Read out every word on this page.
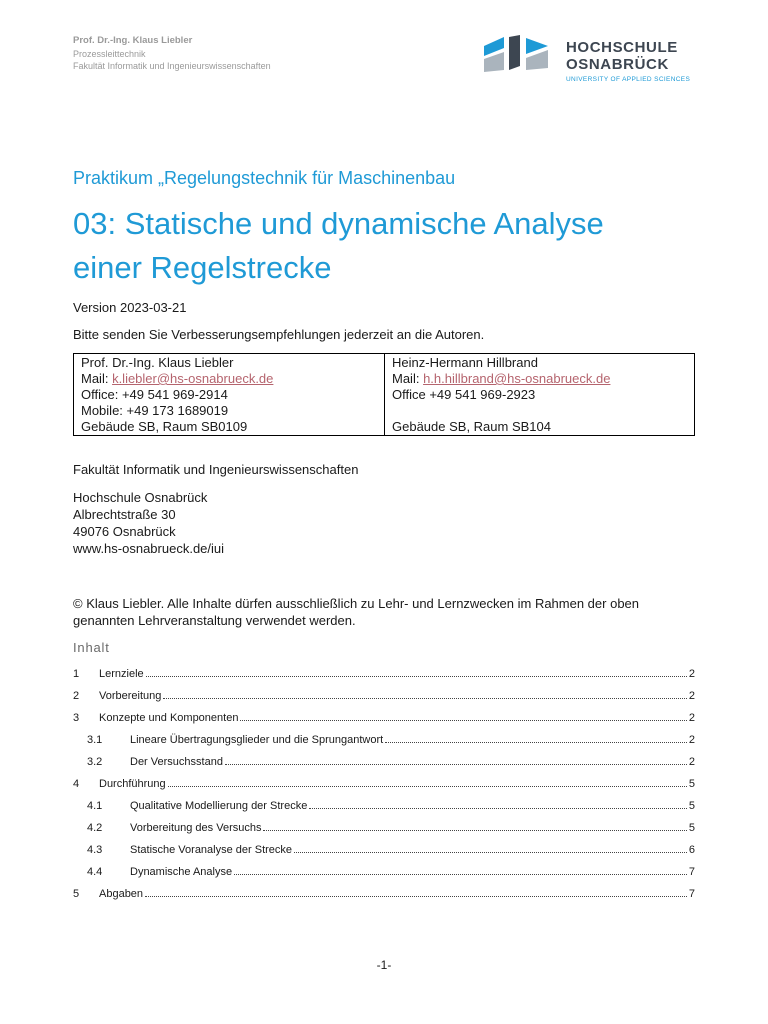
Prof. Dr.-Ing. Klaus Liebler
Prozessleittechnik
Fakultät Informatik und Ingenieurswissenschaften
HOCHSCHULE
OSNABRÜCK
UNIVERSITY OF APPLIED SCIENCES
Praktikum „Regelungstechnik für Maschinenbau
03: Statische und dynamische Analyse
einer Regelstrecke
Version 2023-03-21
Bitte senden Sie Verbesserungsempfehlungen jederzeit an die Autoren.
Prof. Dr.-Ing. Klaus Liebler
Mail: k.liebler@hs-osnabrueck.de
Office: +49 541 969-2914
Mobile: +49 173 1689019
Gebäude SB, Raum SB0109
Heinz-Hermann Hillbrand
Mail: h.h.hillbrand@hs-osnabrueck.de
Office +49 541 969-2923
Gebäude SB, Raum SB104
Fakultät Informatik und Ingenieurswissenschaften
Hochschule Osnabrück
Albrechtstraße 30
49076 Osnabrück
www.hs-osnabrueck.de/iui
© Klaus Liebler. Alle Inhalte dürfen ausschließlich zu Lehr- und Lernzwecken im Rahmen der oben genannten Lehrveranstaltung verwendet werden.
Inhalt
1 Lernziele	2
2 Vorbereitung	2
3 Konzepte und Komponenten	2
3.1	Lineare Übertragungsglieder und die Sprungantwort	2
3.2	Der Versuchsstand	2
4 Durchführung	5
4.1	Qualitative Modellierung der Strecke	5
4.2	Vorbereitung des Versuchs	5
4.3	Statische Voranalyse der Strecke	6
4.4	Dynamische Analyse	7
5 Abgaben	7
-1-
